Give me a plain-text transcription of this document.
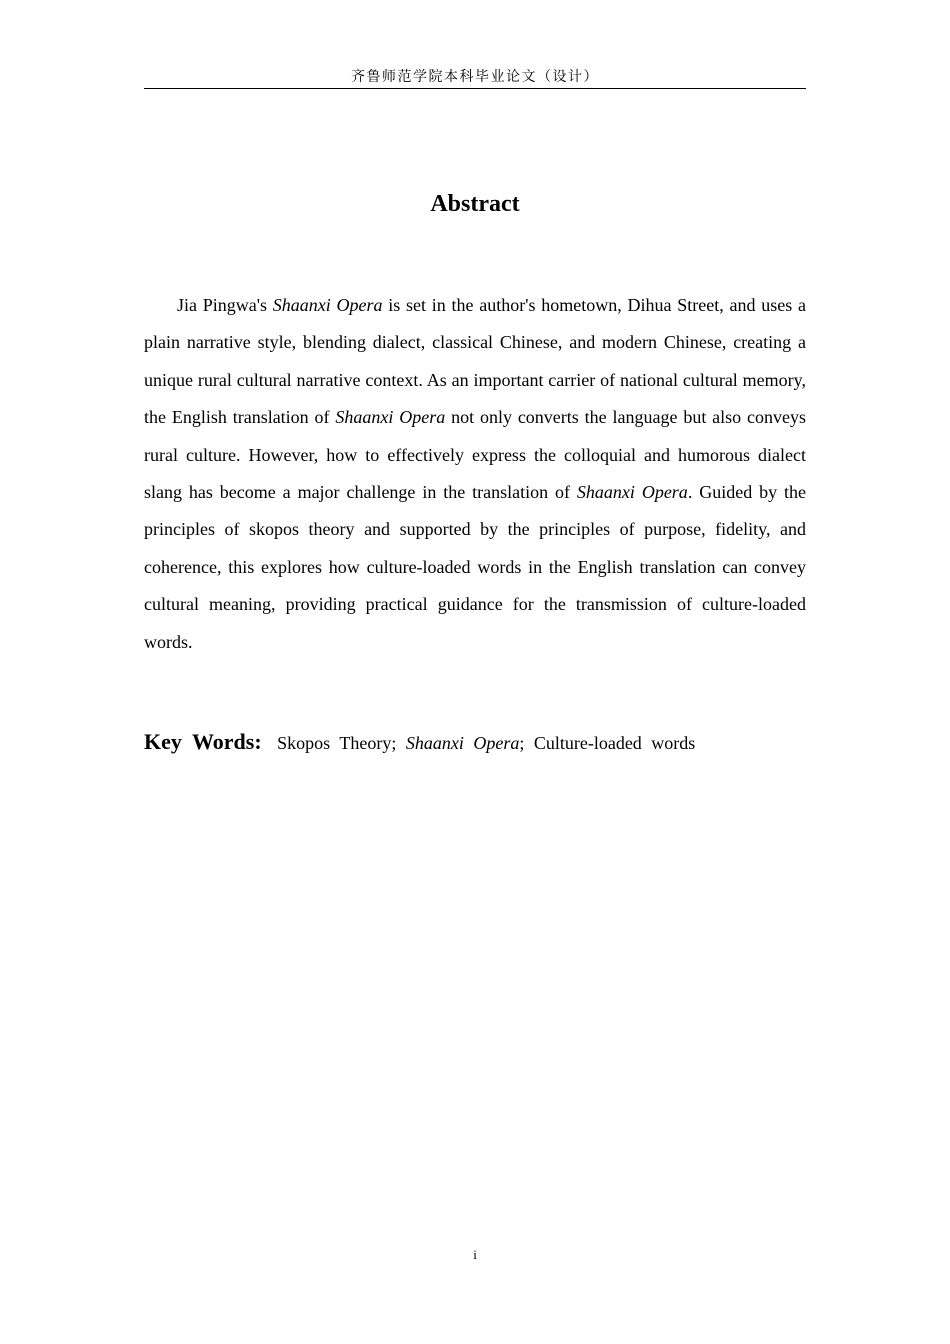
齐鲁师范学院本科毕业论文（设计）
Abstract

Jia Pingwa's Shaanxi Opera is set in the author's hometown, Dihua Street, and uses a plain narrative style, blending dialect, classical Chinese, and modern Chinese, creating a unique rural cultural narrative context. As an important carrier of national cultural memory, the English translation of Shaanxi Opera not only converts the language but also conveys rural culture. However, how to effectively express the colloquial and humorous dialect slang has become a major challenge in the translation of Shaanxi Opera. Guided by the principles of skopos theory and supported by the principles of purpose, fidelity, and coherence, this explores how culture-loaded words in the English translation can convey cultural meaning, providing practical guidance for the transmission of culture-loaded words.

Key Words: Skopos Theory; Shaanxi Opera; Culture-loaded words

i
